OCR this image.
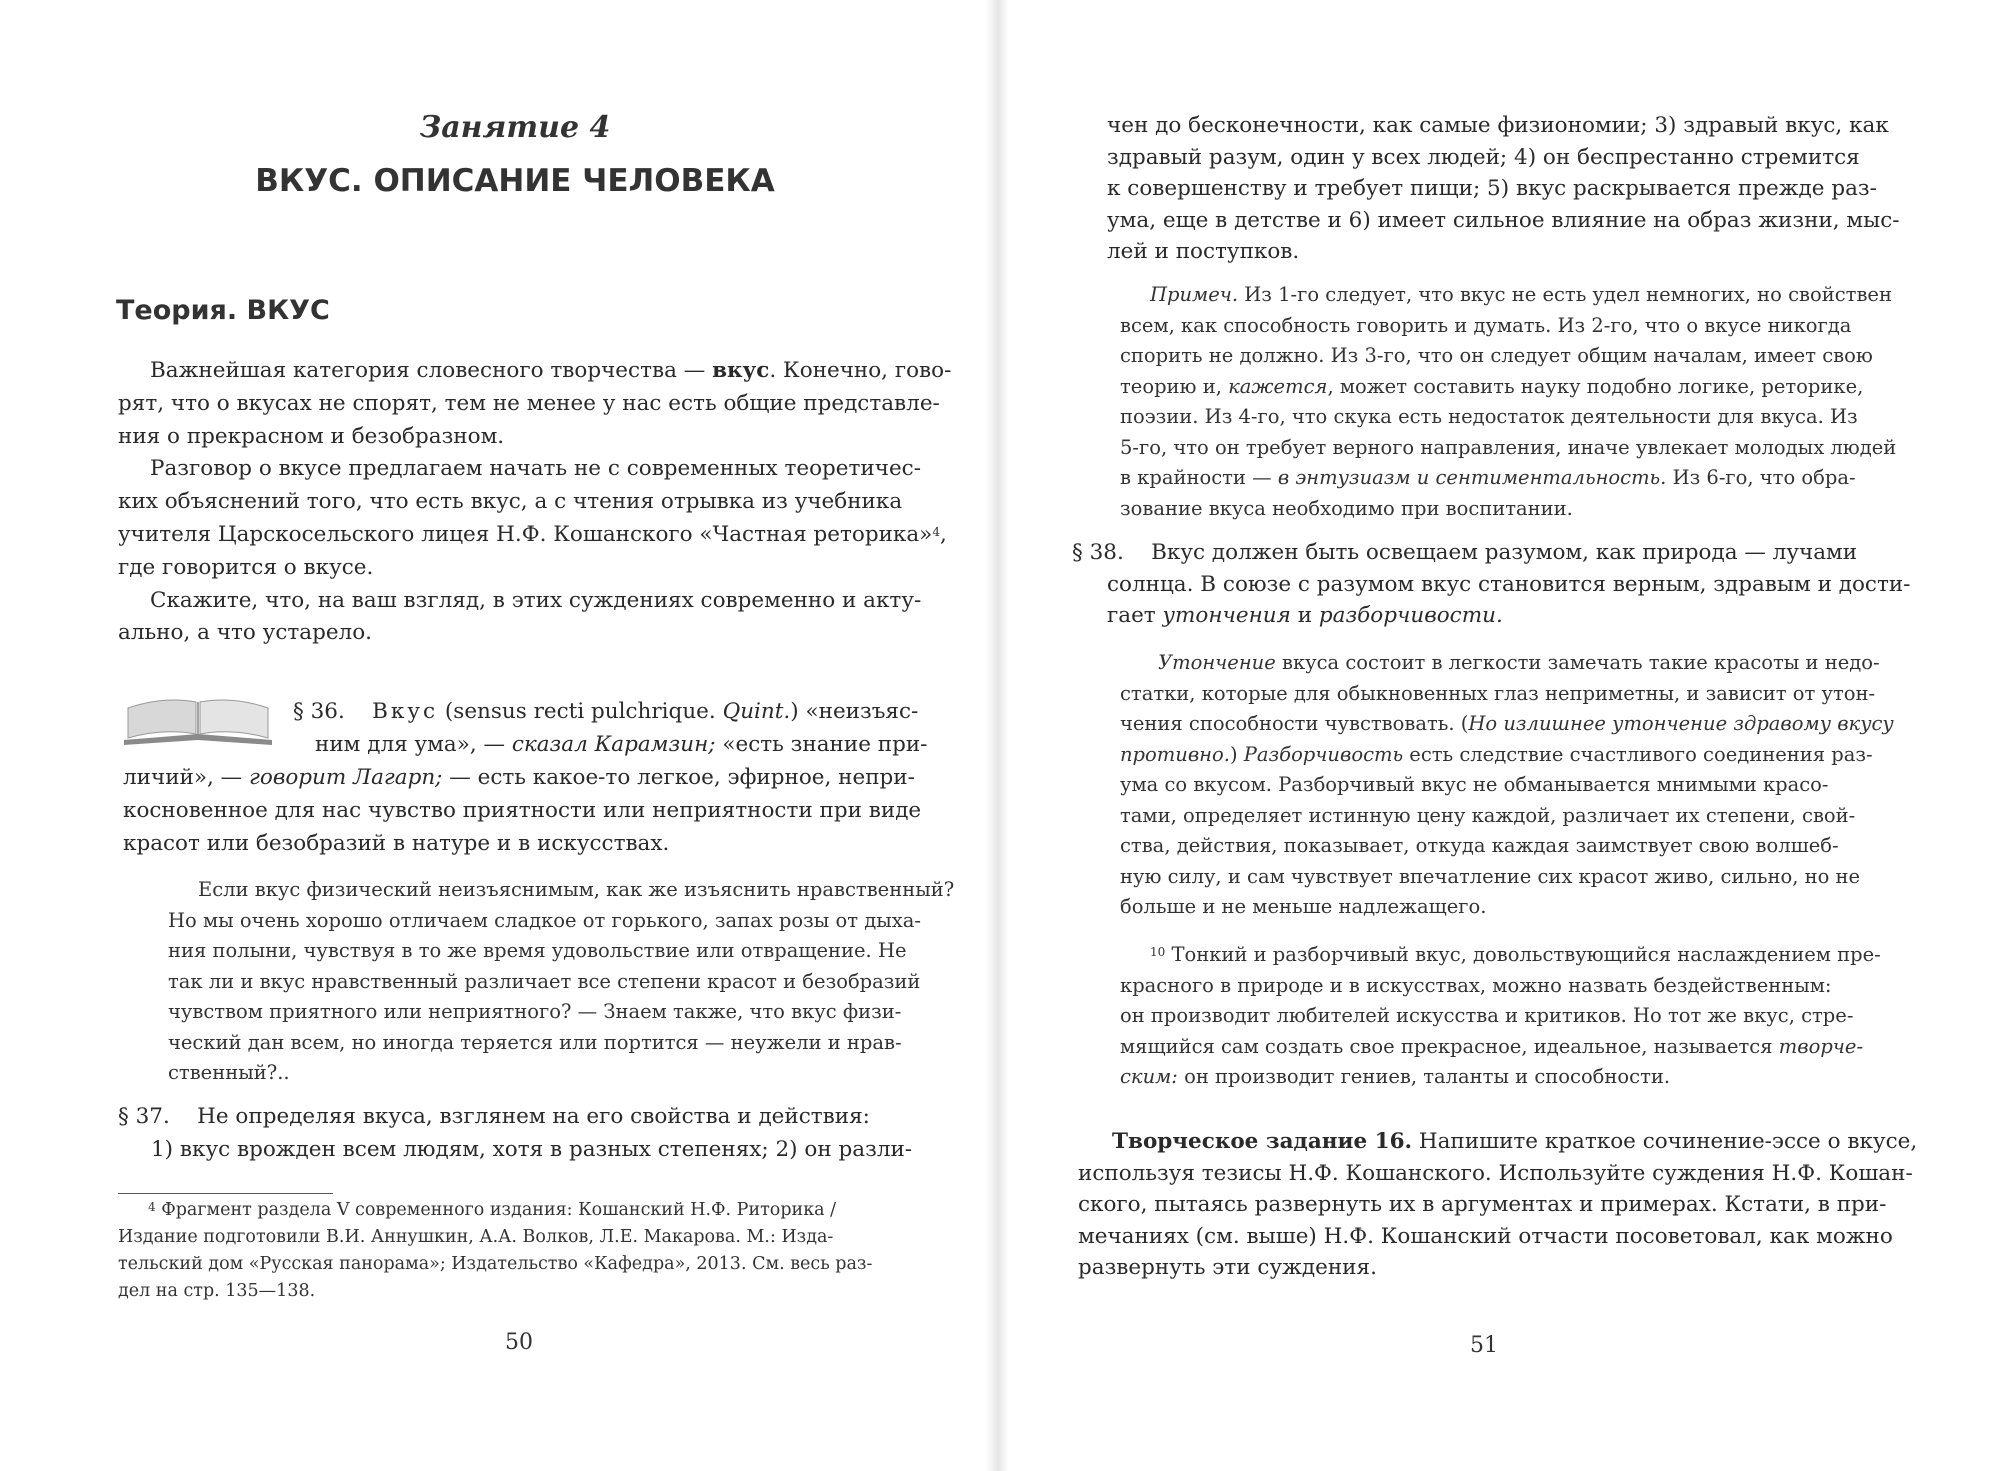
Занятие 4
ВКУС. ОПИСАНИЕ ЧЕЛОВЕКА
Теория. ВКУС

Важнейшая категория словесного творчества — вкус. Конечно, гово-

рят, что о вкусах не спорят, тем не менее у нас есть общие представле-

ния о прекрасном и безобразном.

Разговор о вкусе предлагаем начать не с современных теоретичес-

ких объяснений того, что есть вкус, а с чтения отрывка из учебника

учителя Царскосельского лицея Н.Ф. Кошанского «Частная реторика»$^4$,

где говорится о вкусе.

Скажите, что, на ваш взгляд, в этих суждениях современно и акту-

ально, а что устарело.

§ 36. Вкус (sensus recti pulchrique. Quint.) «неизъяс-

ним для ума», — сказал Карамзин; «есть знание при-

личий», — говорит Лагарп; — есть какое-то легкое, эфирное, непри-

косновенное для нас чувство приятности или неприятности при виде

красот или безобразий в натуре и в искусствах.

Если вкус физический неизъяснимым, как же изъяснить нравственный?

Но мы очень хорошо отличаем сладкое от горького, запах розы от дыха-

ния полыни, чувствуя в то же время удовольствие или отвращение. Не

так ли и вкус нравственный различает все степени красот и безобразий

чувством приятного или неприятного? — Знаем также, что вкус физи-

ческий дан всем, но иногда теряется или портится — неужели и нрав-

ственный?..

§ 37. Не определяя вкуса, взглянем на его свойства и действия:

1) вкус врожден всем людям, хотя в разных степенях; 2) он разли-

$^4$ Фрагмент раздела V современного издания: Кошанский Н.Ф. Риторика /

Издание подготовили В.И. Аннушкин, А.А. Волков, Л.Е. Макарова. М.: Изда-

тельский дом «Русская панорама»; Издательство «Кафедра», 2013. См. весь раз-

дел на стр. 135—138.

50

чен до бесконечности, как самые физиономии; 3) здравый вкус, как

здравый разум, один у всех людей; 4) он беспрестанно стремится

к совершенству и требует пищи; 5) вкус раскрывается прежде раз-

ума, еще в детстве и 6) имеет сильное влияние на образ жизни, мыс-

лей и поступков.

Примеч. Из 1-го следует, что вкус не есть удел немногих, но свойствен

всем, как способность говорить и думать. Из 2-го, что о вкусе никогда

спорить не должно. Из 3-го, что он следует общим началам, имеет свою

теорию и, кажется, может составить науку подобно логике, реторике,

поэзии. Из 4-го, что скука есть недостаток деятельности для вкуса. Из

5-го, что он требует верного направления, иначе увлекает молодых людей

в крайности — в энтузиазм и сентиментальность. Из 6-го, что обра-

зование вкуса необходимо при воспитании.

§ 38. Вкус должен быть освещаем разумом, как природа — лучами

солнца. В союзе с разумом вкус становится верным, здравым и дости-

гает утончения и разборчивости.

Утончение вкуса состоит в легкости замечать такие красоты и недо-

статки, которые для обыкновенных глаз неприметны, и зависит от утон-

чения способности чувствовать. (Но излишнее утончение здравому вкусу

противно.) Разборчивость есть следствие счастливого соединения раз-

ума со вкусом. Разборчивый вкус не обманывается мнимыми красо-

тами, определяет истинную цену каждой, различает их степени, свой-

ства, действия, показывает, откуда каждая заимствует свою волшеб-

ную силу, и сам чувствует впечатление сих красот живо, сильно, но не

больше и не меньше надлежащего.

$^{10}$ Тонкий и разборчивый вкус, довольствующийся наслаждением пре-

красного в природе и в искусствах, можно назвать бездейственным:

он производит любителей искусства и критиков. Но тот же вкус, стре-

мящийся сам создать свое прекрасное, идеальное, называется творче-

ским: он производит гениев, таланты и способности.

Творческое задание 16. Напишите краткое сочинение-эссе о вкусе,

используя тезисы Н.Ф. Кошанского. Используйте суждения Н.Ф. Кошан-

ского, пытаясь развернуть их в аргументах и примерах. Кстати, в при-

мечаниях (см. выше) Н.Ф. Кошанский отчасти посоветовал, как можно

развернуть эти суждения.

51
